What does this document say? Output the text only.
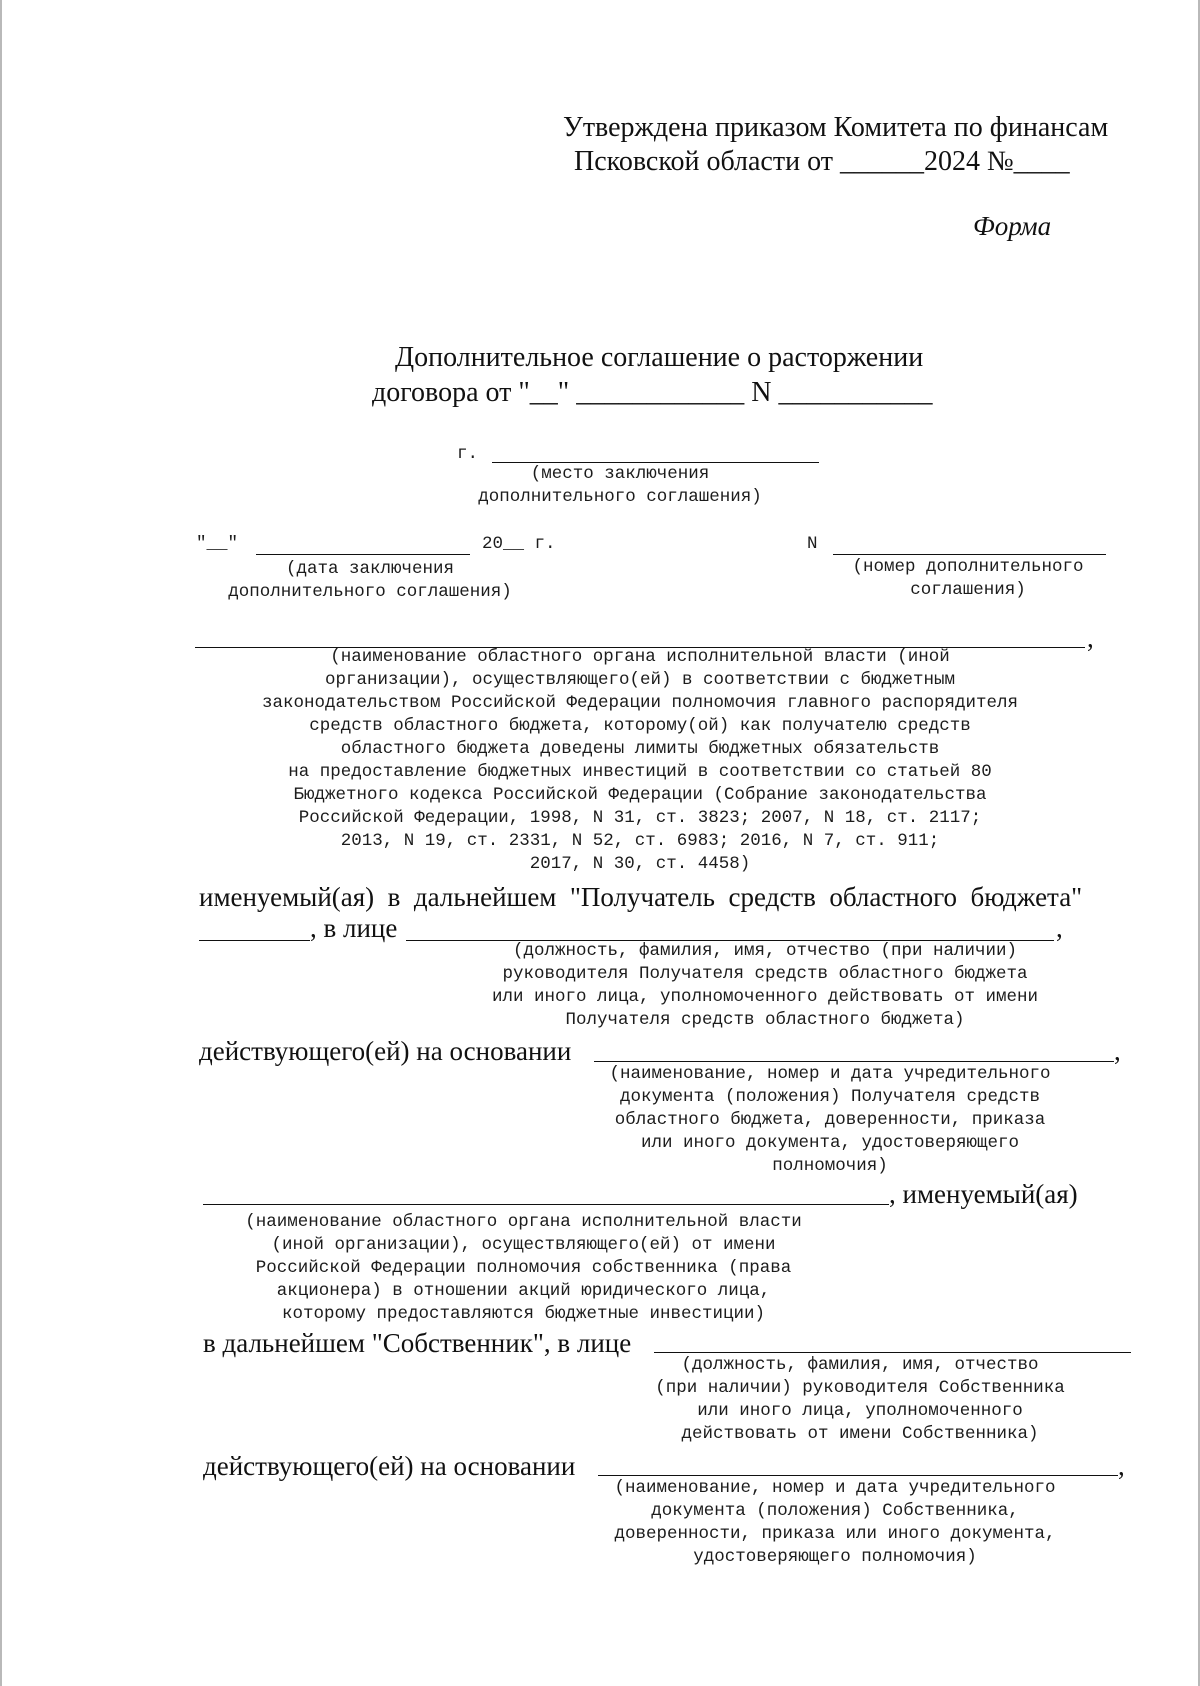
Утверждена приказом Комитета по финансам
Псковской области от ______2024 №____
Форма
Дополнительное соглашение о расторжении
договора от "__" ____________ N ___________
г.
(место заключения
дополнительного соглашения)
"__"	20__ г.	N
(дата заключения
дополнительного соглашения)
(номер дополнительного
соглашения)
,
(наименование областного органа исполнительной власти (иной
организации), осуществляющего(ей) в соответствии с бюджетным
законодательством Российской Федерации полномочия главного распорядителя
средств областного бюджета, которому(ой) как получателю средств
областного бюджета доведены лимиты бюджетных обязательств
на предоставление бюджетных инвестиций в соответствии со статьей 80
Бюджетного кодекса Российской Федерации (Собрание законодательства
Российской Федерации, 1998, N 31, ст. 3823; 2007, N 18, ст. 2117;
2013, N 19, ст. 2331, N 52, ст. 6983; 2016, N 7, ст. 911;
2017, N 30, ст. 4458)
именуемый(ая)  в  дальнейшем  "Получатель  средств  областного  бюджета"
, в лице	,
(должность, фамилия, имя, отчество (при наличии)
руководителя Получателя средств областного бюджета
или иного лица, уполномоченного действовать от имени
Получателя средств областного бюджета)
действующего(ей) на основании	,
(наименование, номер и дата учредительного
документа (положения) Получателя средств
областного бюджета, доверенности, приказа
или иного документа, удостоверяющего
полномочия)
, именуемый(ая)
(наименование областного органа исполнительной власти
(иной организации), осуществляющего(ей) от имени
Российской Федерации полномочия собственника (права
акционера) в отношении акций юридического лица,
которому предоставляются бюджетные инвестиции)
в дальнейшем "Собственник", в лице
(должность, фамилия, имя, отчество
(при наличии) руководителя Собственника
или иного лица, уполномоченного
действовать от имени Собственника)
действующего(ей) на основании	,
(наименование, номер и дата учредительного
документа (положения) Собственника,
доверенности, приказа или иного документа,
удостоверяющего полномочия)
